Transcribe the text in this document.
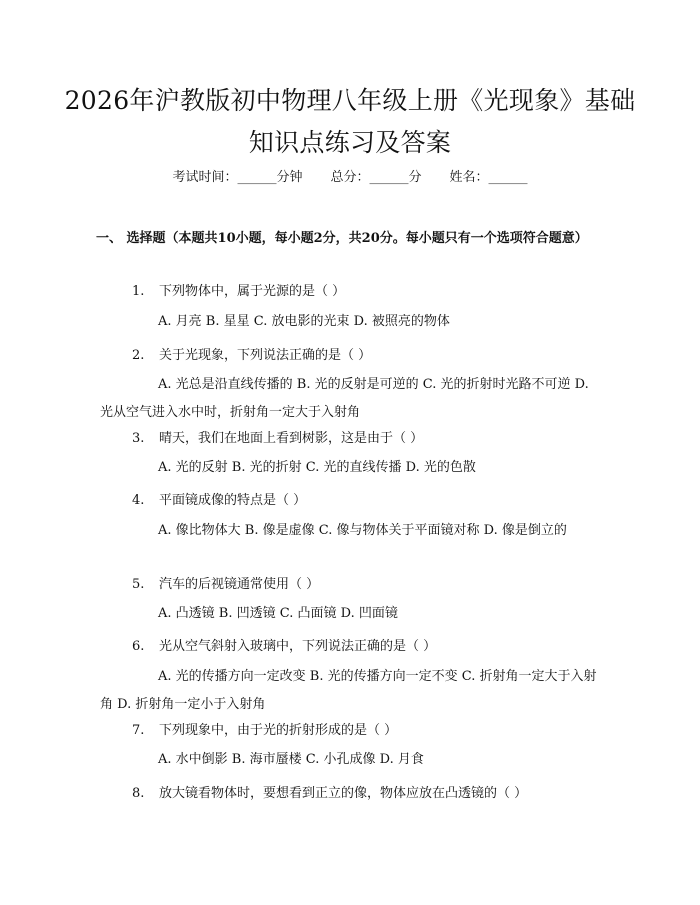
2026年沪教版初中物理八年级上册《光现象》基础知识点练习及答案
考试时间：______分钟 总分：______分 姓名：______

一、 选择题（本题共10小题，每小题2分，共20分。每小题只有一个选项符合题意）

1. 下列物体中，属于光源的是（ ）

A. 月亮 B. 星星 C. 放电影的光束 D. 被照亮的物体

2. 关于光现象，下列说法正确的是（ ）

A. 光总是沿直线传播的 B. 光的反射是可逆的 C. 光的折射时光路不可逆 D. 光从空气进入水中时，折射角一定大于入射角

3. 晴天，我们在地面上看到树影，这是由于（ ）

A. 光的反射 B. 光的折射 C. 光的直线传播 D. 光的色散

4. 平面镜成像的特点是（ ）

A. 像比物体大 B. 像是虚像 C. 像与物体关于平面镜对称 D. 像是倒立的

5. 汽车的后视镜通常使用（ ）

A. 凸透镜 B. 凹透镜 C. 凸面镜 D. 凹面镜

6. 光从空气斜射入玻璃中，下列说法正确的是（ ）

A. 光的传播方向一定改变 B. 光的传播方向一定不变 C. 折射角一定大于入射角 D. 折射角一定小于入射角

7. 下列现象中，由于光的折射形成的是（ ）

A. 水中倒影 B. 海市蜃楼 C. 小孔成像 D. 月食

8. 放大镜看物体时，要想看到正立的像，物体应放在凸透镜的（ ）
